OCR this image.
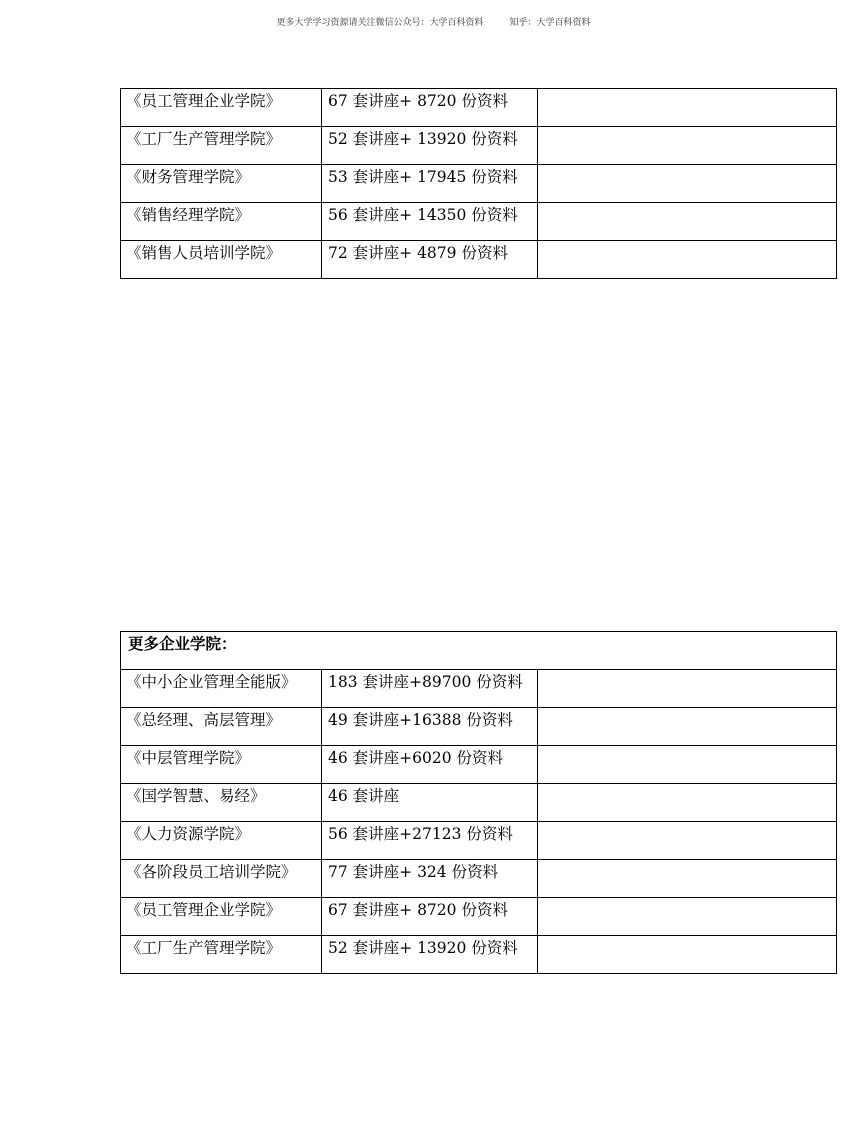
更多大学学习资源请关注微信公众号：大学百科资料	知乎：大学百科资料
《员工管理企业学院》	67 套讲座+ 8720 份资料	

《工厂生产管理学院》	52 套讲座+ 13920 份资料	

《财务管理学院》	53 套讲座+ 17945 份资料	

《销售经理学院》	56 套讲座+ 14350 份资料	

《销售人员培训学院》	72 套讲座+ 4879 份资料	

更多企业学院：		

《中小企业管理全能版》	183 套讲座+89700 份资料	

《总经理、高层管理》	49 套讲座+16388 份资料	

《中层管理学院》	46 套讲座+6020 份资料	

《国学智慧、易经》	46 套讲座	

《人力资源学院》	56 套讲座+27123 份资料	

《各阶段员工培训学院》	77 套讲座+ 324 份资料	

《员工管理企业学院》	67 套讲座+ 8720 份资料	

《工厂生产管理学院》	52 套讲座+ 13920 份资料	
